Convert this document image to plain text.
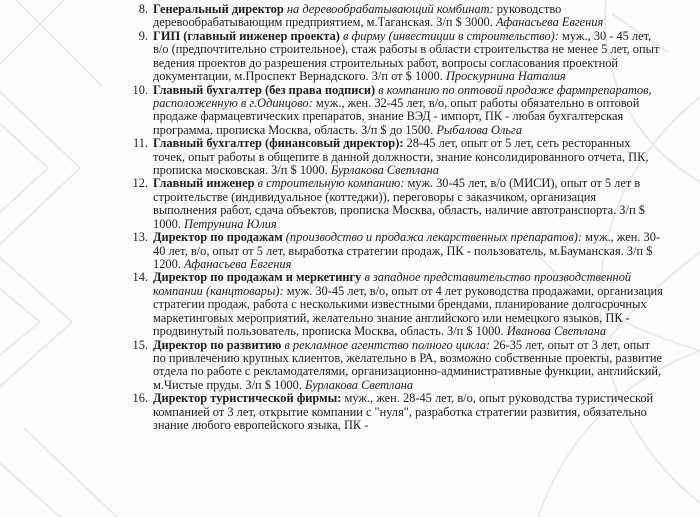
8. Генеральный директор на деревообрабатывающий комбинат: руководство деревообрабатывающим предприятием, м.Таганская. З/п $ 3000. Афанасьева Евгения
9. ГИП (главный инженер проекта) в фирму (инвестиции в строительство): муж., 30 - 45 лет, в/о (предпочтительно строительное), стаж работы в области строительства не менее 5 лет, опыт ведения проектов до разрешения строительных работ, вопросы согласования проектной документации, м.Проспект Вернадского. З/п от $ 1000. Проскурнина Наталия
10. Главный бухгалтер (без права подписи) в компанию по оптовой продаже фармпрепаратов, расположенную в г.Одинцово: муж., жен. 32-45 лет, в/о, опыт работы обязательно в оптовой продаже фармацевтических препаратов, знание ВЭД - импорт, ПК - любая бухгалтерская программа, прописка Москва, область. З/п $ до 1500. Рыбалова Ольга
11. Главный бухгалтер (финансовый директор): 28-45 лет, опыт от 5 лет, сеть ресторанных точек, опыт работы в общепите в данной должности, знание консолидированного отчета, ПК, прописка московская. З/п $ 1000. Бурлакова Светлана
12. Главный инженер в строительную компанию: муж. 30-45 лет, в/о (МИСИ), опыт от 5 лет в строительстве (индивидуальное (коттеджи)), переговоры с заказчиком, организация выполнения работ, сдача объектов, прописка Москва, область, наличие автотранспорта. З/п $ 1000. Петрунина Юлия
13. Директор по продажам (производство и продажа лекарственных препаратов): муж., жен. 30-40 лет, в/о, опыт от 5 лет, выработка стратегии продаж, ПК - пользователь, м.Бауманская. З/п $ 1200. Афанасьева Евгения
14. Директор по продажам и меркетингу в западное представительство производственной компании (канцтовары): муж. 30-45 лет, в/о, опыт от 4 лет руководства продажами, организация стратегии продаж, работа с несколькими известными брендами, планирование долгосрочных маркетинговых мероприятий, желательно знание английского или немецкого языков, ПК - продвинутый пользователь, прописка Москва, область. З/п $ 1000. Иванова Светлана
15. Директор по развитию в рекламное агентство полного цикла: 26-35 лет, опыт от 3 лет, опыт по привлечению крупных клиентов, желательно в РА, возможно собственные проекты, развитие отдела по работе с рекламодателями, организационно-административные функции, английский, м.Чистые пруды. З/п $ 1000. Бурлакова Светлана
16. Директор туристической фирмы: муж., жен. 28-45 лет, в/о, опыт руководства туристической компанией от 3 лет, открытие компании с "нуля", разработка стратегии развития, обязательно знание любого европейского языка, ПК -
